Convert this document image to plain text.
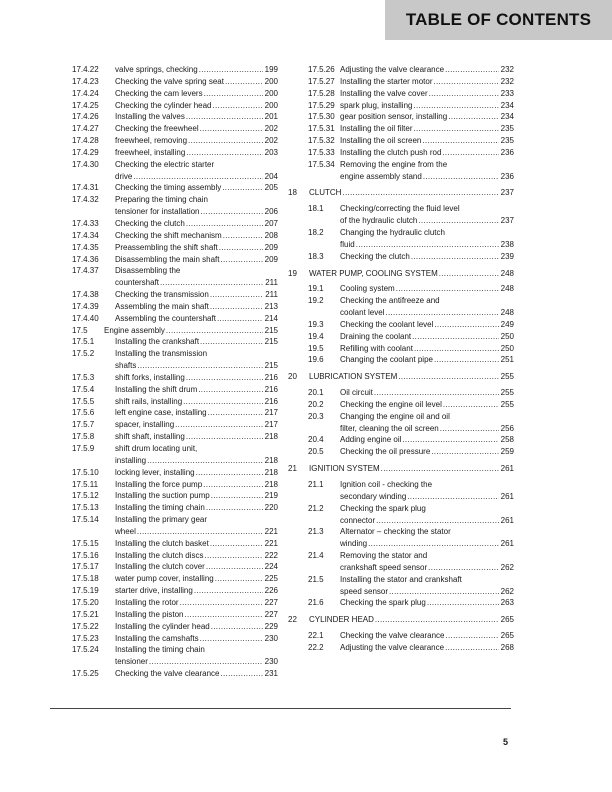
TABLE OF CONTENTS
17.4.22 valve springs, checking .....	199
17.4.23 Checking the valve spring seat .....	200
17.4.24 Checking the cam levers .....	200
17.4.25 Checking the cylinder head .....	200
17.4.26 Installing the valves .....	201
17.4.27 Checking the freewheel .....	202
17.4.28 freewheel, removing .....	202
17.4.29 freewheel, installing .....	203
17.4.30 Checking the electric starter
drive .....	204
17.4.31 Checking the timing assembly .....	205
17.4.32 Preparing the timing chain
tensioner for installation .....	206
17.4.33 Checking the clutch .....	207
17.4.34 Checking the shift mechanism .....	208
17.4.35 Preassembling the shift shaft .....	209
17.4.36 Disassembling the main shaft .....	209
17.4.37 Disassembling the
countershaft .....	211
17.4.38 Checking the transmission .....	211
17.4.39 Assembling the main shaft .....	213
17.4.40 Assembling the countershaft .....	214
17.5 Engine assembly .....	215
17.5.1	Installing the crankshaft .....	215
17.5.2	Installing the transmission
shafts .....	215
17.5.3	shift forks, installing .....	216
17.5.4	Installing the shift drum .....	216
17.5.5	shift rails, installing .....	216
17.5.6	left engine case, installing .....	217
17.5.7	spacer, installing .....	217
17.5.8	shift shaft, installing .....	218
17.5.9	shift drum locating unit,
installing .....	218
17.5.10 locking lever, installing .....	218
17.5.11 Installing the force pump .....	218
17.5.12 Installing the suction pump .....	219
17.5.13 Installing the timing chain .....	220
17.5.14 Installing the primary gear
wheel .....	221
17.5.15 Installing the clutch basket .....	221
17.5.16 Installing the clutch discs .....	222
17.5.17 Installing the clutch cover .....	224
17.5.18 water pump cover, installing .....	225
17.5.19 starter drive, installing .....	226
17.5.20 Installing the rotor .....	227
17.5.21 Installing the piston .....	227
17.5.22 Installing the cylinder head .....	229
17.5.23 Installing the camshafts .....	230
17.5.24 Installing the timing chain
tensioner .....	230
17.5.25 Checking the valve clearance .....	231
17.5.26 Adjusting the valve clearance .....	232
17.5.27 Installing the starter motor .....	232
17.5.28 Installing the valve cover .....	233
17.5.29 spark plug, installing .....	234
17.5.30 gear position sensor, installing .....	234
17.5.31 Installing the oil filter .....	235
17.5.32 Installing the oil screen .....	235
17.5.33 Installing the clutch push rod .....	236
17.5.34 Removing the engine from the
engine assembly stand .....	236
18 CLUTCH .....	237
18.1 Checking/correcting the fluid level
of the hydraulic clutch .....	237
18.2 Changing the hydraulic clutch
fluid .....	238
18.3 Checking the clutch .....	239
19 WATER PUMP, COOLING SYSTEM .....	248
19.1 Cooling system .....	248
19.2 Checking the antifreeze and
coolant level .....	248
19.3 Checking the coolant level .....	249
19.4 Draining the coolant .....	250
19.5 Refilling with coolant .....	250
19.6 Changing the coolant pipe .....	251
20 LUBRICATION SYSTEM .....	255
20.1 Oil circuit .....	255
20.2 Checking the engine oil level .....	255
20.3 Changing the engine oil and oil
filter, cleaning the oil screen .....	256
20.4 Adding engine oil .....	258
20.5 Checking the oil pressure .....	259
21 IGNITION SYSTEM .....	261
21.1 Ignition coil - checking the
secondary winding .....	261
21.2 Checking the spark plug
connector .....	261
21.3 Alternator – checking the stator
winding .....	261
21.4 Removing the stator and
crankshaft speed sensor .....	262
21.5 Installing the stator and crankshaft
speed sensor .....	262
21.6 Checking the spark plug .....	263
22 CYLINDER HEAD .....	265
22.1 Checking the valve clearance .....	265
22.2 Adjusting the valve clearance .....	268
5
